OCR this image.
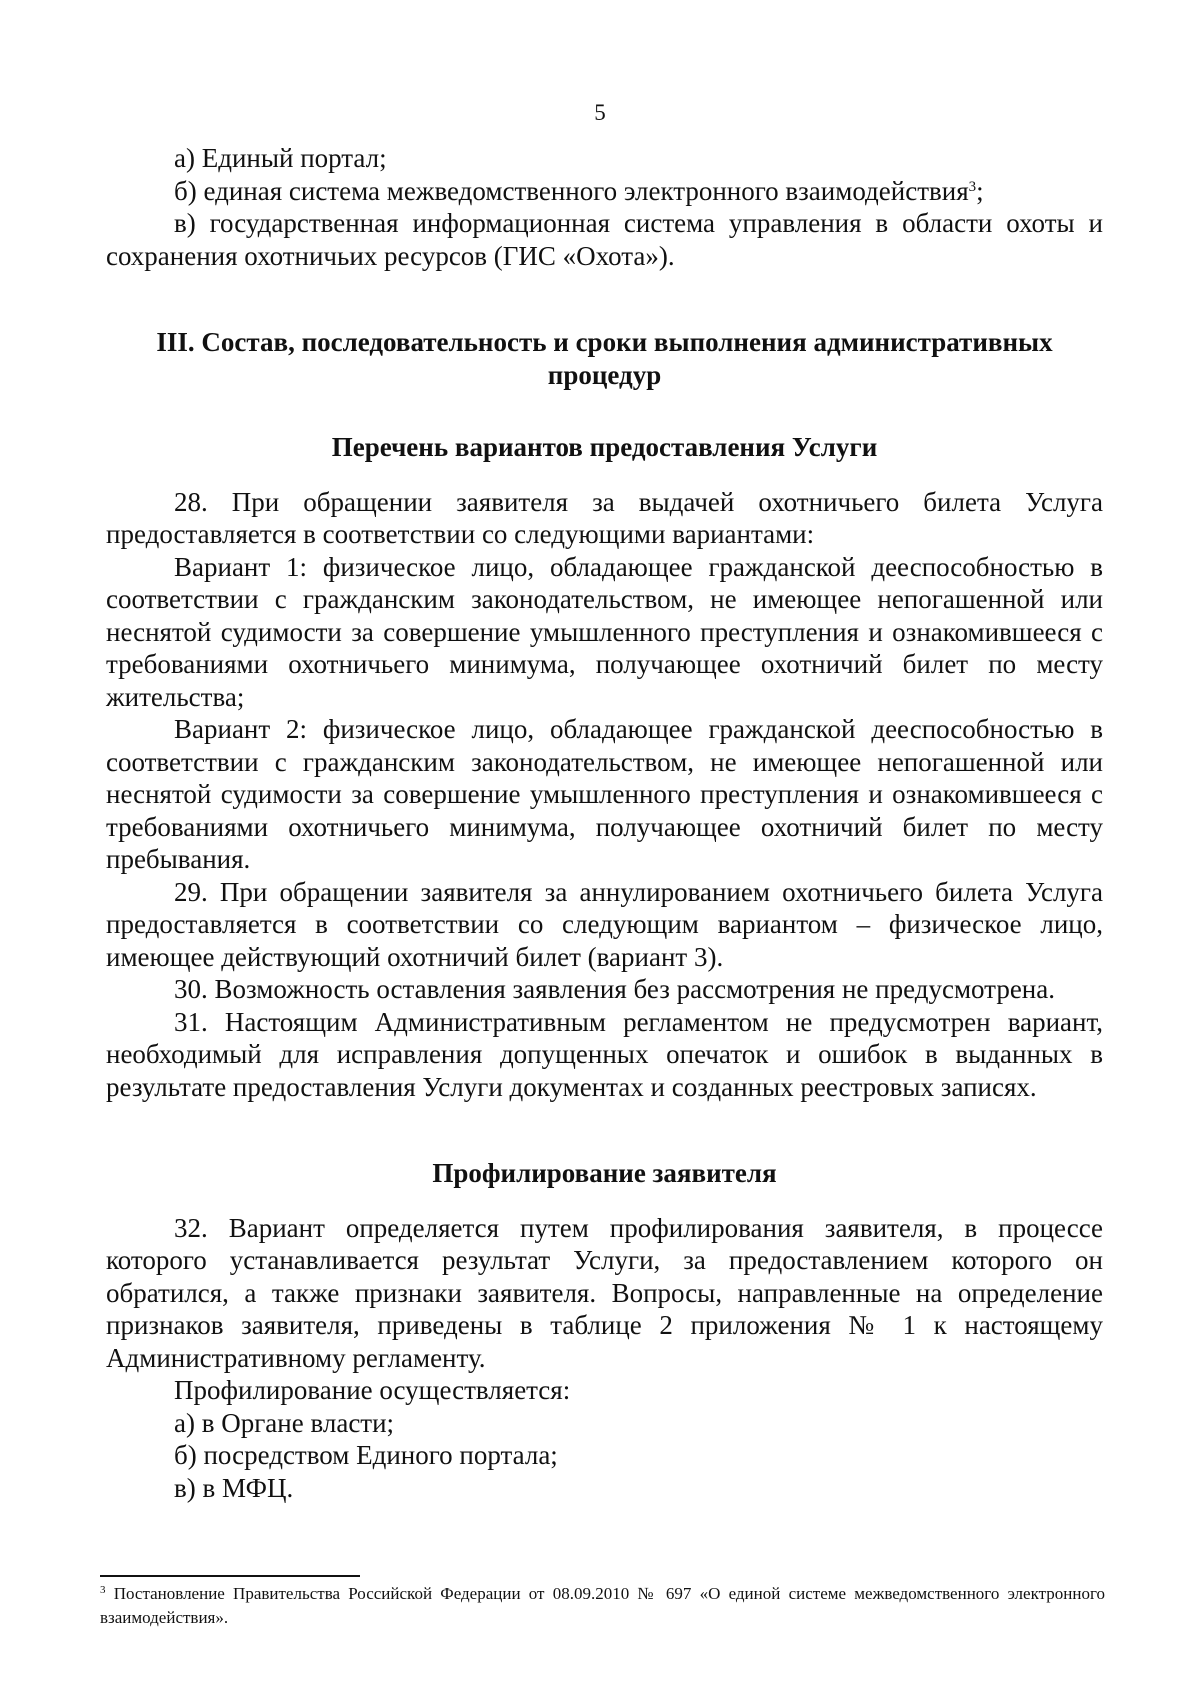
5

а) Единый портал;

б) единая система межведомственного электронного взаимодействия$^3$;

в) государственная информационная система управления в области охоты и сохранения охотничьих ресурсов (ГИС «Охота»).

III. Состав, последовательность и сроки выполнения административных процедур
Перечень вариантов предоставления Услуги

28. При обращении заявителя за выдачей охотничьего билета Услуга предоставляется в соответствии со следующими вариантами:

Вариант 1: физическое лицо, обладающее гражданской дееспособностью в соответствии с гражданским законодательством, не имеющее непогашенной или неснятой судимости за совершение умышленного преступления и ознакомившееся с требованиями охотничьего минимума, получающее охотничий билет по месту жительства;

Вариант 2: физическое лицо, обладающее гражданской дееспособностью в соответствии с гражданским законодательством, не имеющее непогашенной или неснятой судимости за совершение умышленного преступления и ознакомившееся с требованиями охотничьего минимума, получающее охотничий билет по месту пребывания.

29. При обращении заявителя за аннулированием охотничьего билета Услуга предоставляется в соответствии со следующим вариантом – физическое лицо, имеющее действующий охотничий билет (вариант 3).

30. Возможность оставления заявления без рассмотрения не предусмотрена.

31. Настоящим Административным регламентом не предусмотрен вариант, необходимый для исправления допущенных опечаток и ошибок в выданных в результате предоставления Услуги документах и созданных реестровых записях.

Профилирование заявителя

32. Вариант определяется путем профилирования заявителя, в процессе которого устанавливается результат Услуги, за предоставлением которого он обратился, а также признаки заявителя. Вопросы, направленные на определение признаков заявителя, приведены в таблице 2 приложения № 1 к настоящему Административному регламенту.

Профилирование осуществляется:

а) в Органе власти;

б) посредством Единого портала;

в) в МФЦ.

$^3$ Постановление Правительства Российской Федерации от 08.09.2010 № 697 «О единой системе межведомственного электронного взаимодействия».
